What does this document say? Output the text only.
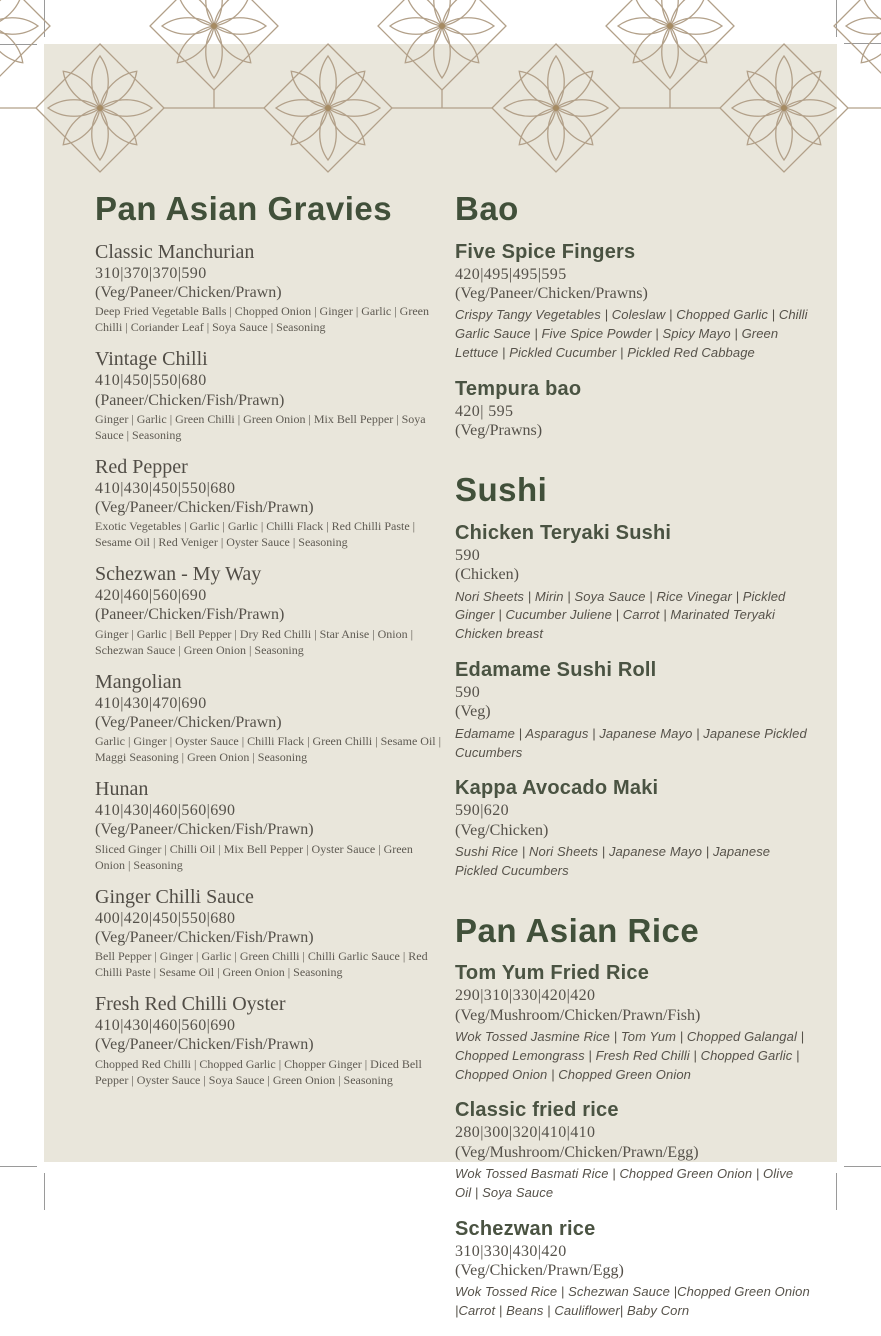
Pan Asian Gravies
Classic Manchurian
310|370|370|590
(Veg/Paneer/Chicken/Prawn)

Deep Fried Vegetable Balls | Chopped Onion | Ginger | Garlic | Green Chilli | Coriander Leaf | Soya Sauce | Seasoning

Vintage Chilli
410|450|550|680
(Paneer/Chicken/Fish/Prawn)

Ginger | Garlic | Green Chilli | Green Onion | Mix Bell Pepper | Soya Sauce | Seasoning

Red Pepper
410|430|450|550|680
(Veg/Paneer/Chicken/Fish/Prawn)

Exotic Vegetables | Garlic | Garlic | Chilli Flack | Red Chilli Paste | Sesame Oil | Red Veniger | Oyster Sauce | Seasoning

Schezwan - My Way
420|460|560|690
(Paneer/Chicken/Fish/Prawn)

Ginger | Garlic | Bell Pepper | Dry Red Chilli | Star Anise | Onion | Schezwan Sauce | Green Onion | Seasoning

Mangolian
410|430|470|690
(Veg/Paneer/Chicken/Prawn)

Garlic | Ginger | Oyster Sauce | Chilli Flack | Green Chilli | Sesame Oil | Maggi Seasoning | Green Onion | Seasoning

Hunan
410|430|460|560|690
(Veg/Paneer/Chicken/Fish/Prawn)

Sliced Ginger | Chilli Oil | Mix Bell Pepper | Oyster Sauce | Green Onion | Seasoning

Ginger Chilli Sauce
400|420|450|550|680
(Veg/Paneer/Chicken/Fish/Prawn)

Bell Pepper | Ginger | Garlic | Green Chilli | Chilli Garlic Sauce | Red Chilli Paste | Sesame Oil | Green Onion | Seasoning

Fresh Red Chilli Oyster
410|430|460|560|690
(Veg/Paneer/Chicken/Fish/Prawn)

Chopped Red Chilli | Chopped Garlic | Chopper Ginger | Diced Bell Pepper | Oyster Sauce | Soya Sauce | Green Onion | Seasoning

Bao
Five Spice Fingers
420|495|495|595
(Veg/Paneer/Chicken/Prawns)

Crispy Tangy Vegetables | Coleslaw | Chopped Garlic | Chilli Garlic Sauce | Five Spice Powder | Spicy Mayo | Green Lettuce | Pickled Cucumber | Pickled Red Cabbage

Tempura bao
420| 595
(Veg/Prawns)
Sushi
Chicken Teryaki Sushi
590
(Chicken)

Nori Sheets | Mirin | Soya Sauce | Rice Vinegar | Pickled Ginger | Cucumber Juliene | Carrot | Marinated Teryaki Chicken breast

Edamame Sushi Roll
590
(Veg)

Edamame | Asparagus | Japanese Mayo | Japanese Pickled Cucumbers

Kappa Avocado Maki
590|620
(Veg/Chicken)

Sushi Rice | Nori Sheets | Japanese Mayo | Japanese Pickled Cucumbers

Pan Asian Rice
Tom Yum Fried Rice
290|310|330|420|420
(Veg/Mushroom/Chicken/Prawn/Fish)

Wok Tossed Jasmine Rice | Tom Yum | Chopped Galangal | Chopped Lemongrass | Fresh Red Chilli | Chopped Garlic | Chopped Onion | Chopped Green Onion

Classic fried rice
280|300|320|410|410
(Veg/Mushroom/Chicken/Prawn/Egg)

Wok Tossed Basmati Rice | Chopped Green Onion | Olive Oil | Soya Sauce

Schezwan rice
310|330|430|420
(Veg/Chicken/Prawn/Egg)

Wok Tossed Rice | Schezwan Sauce |Chopped Green Onion |Carrot | Beans | Cauliflower| Baby Corn
